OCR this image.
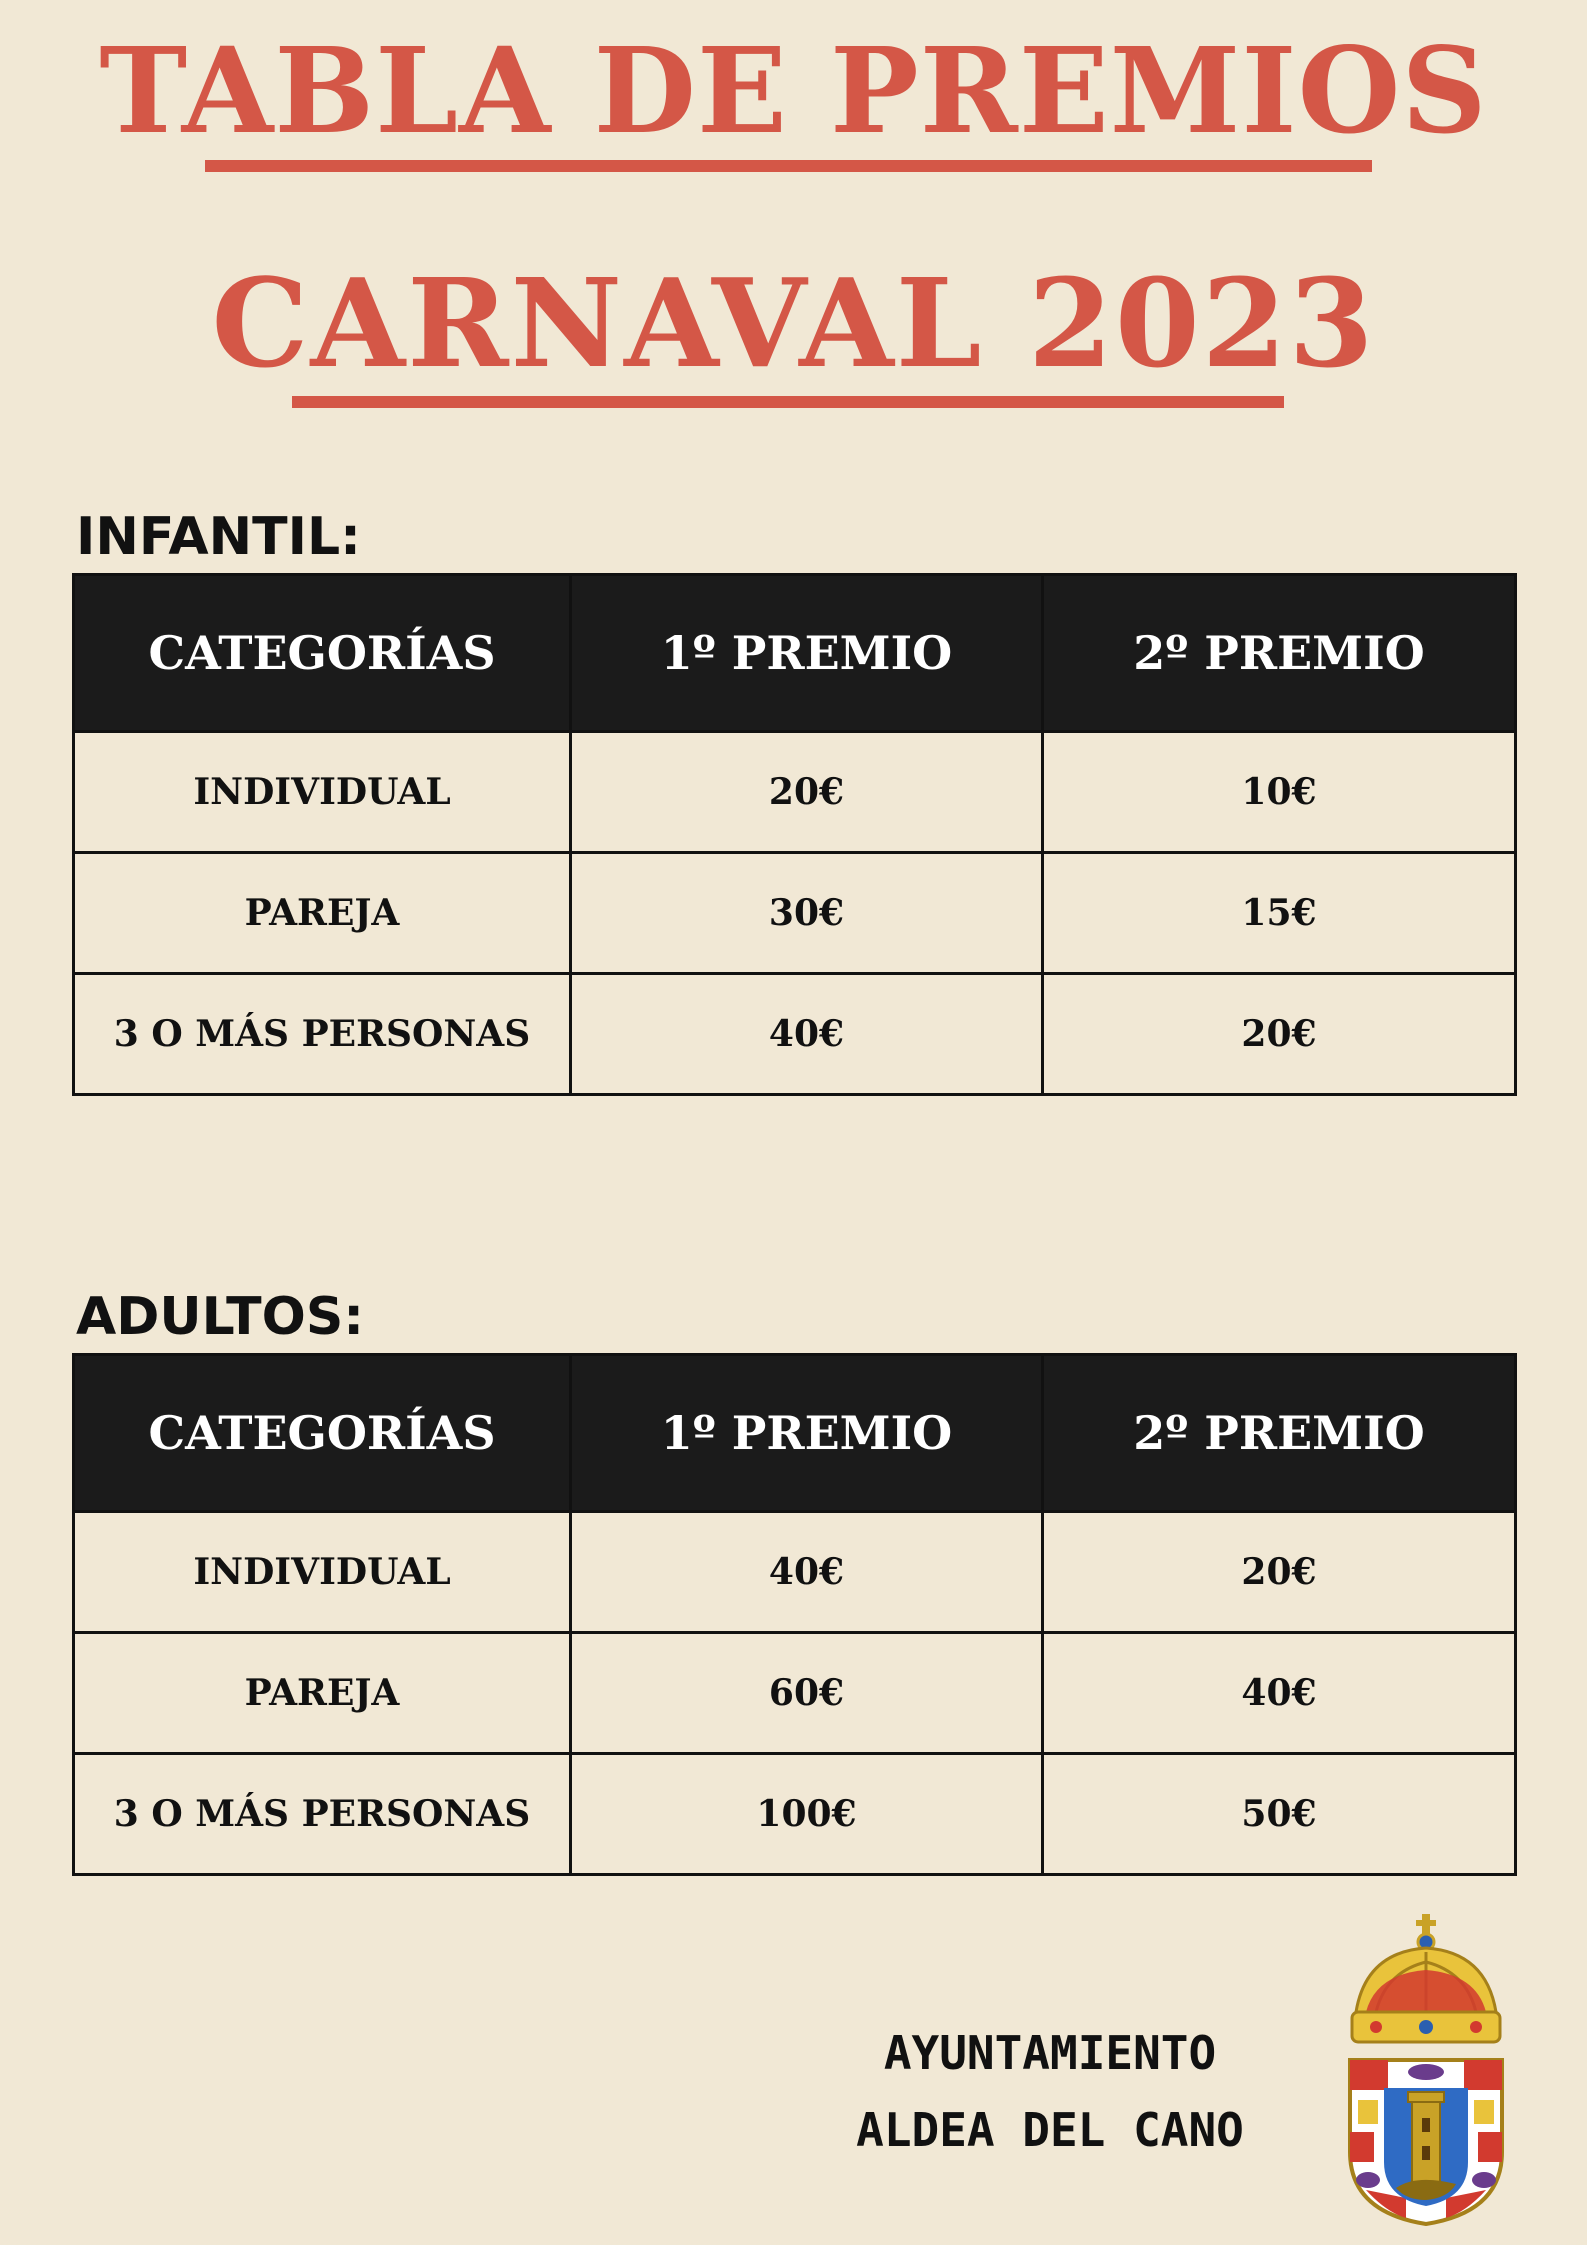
TABLA DE PREMIOS
CARNAVAL 2023
INFANTIL:
CATEGORÍAS	1º PREMIO	2º PREMIO
INDIVIDUAL	20€	10€
PAREJA	30€	15€
3 O MÁS PERSONAS	40€	20€
ADULTOS:
CATEGORÍAS	1º PREMIO	2º PREMIO
INDIVIDUAL	40€	20€
PAREJA	60€	40€
3 O MÁS PERSONAS	100€	50€
AYUNTAMIENTO
ALDEA DEL CANO
